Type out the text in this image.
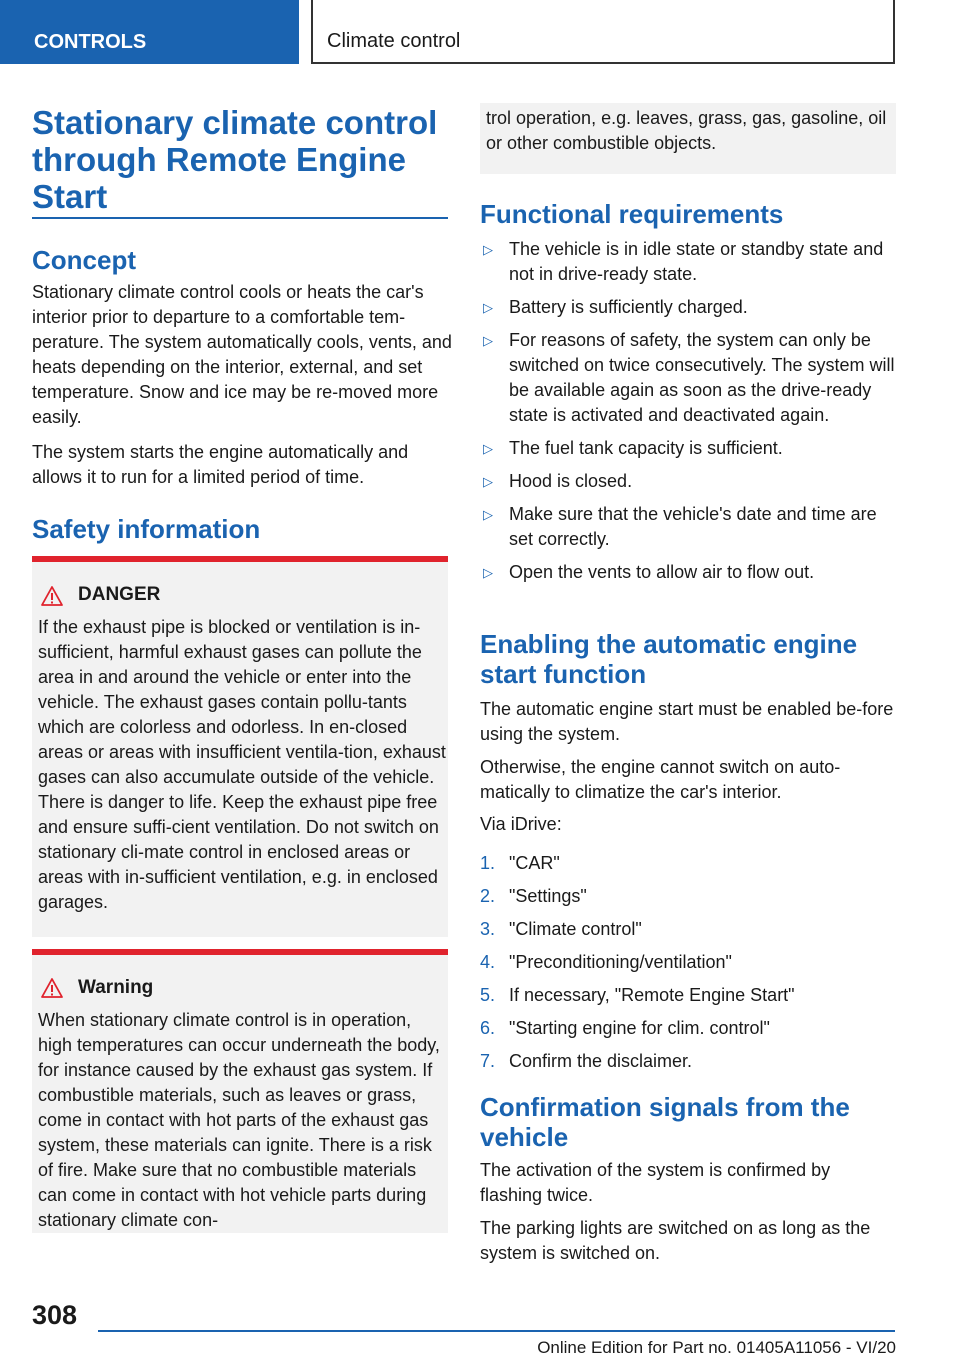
CONTROLS	Climate control
Stationary climate control through Remote Engine Start
Concept

Stationary climate control cools or heats the car's interior prior to departure to a comfortable tem-perature. The system automatically cools, vents, and heats depending on the interior, external, and set temperature. Snow and ice may be re-moved more easily.

The system starts the engine automatically and allows it to run for a limited period of time.

Safety information
DANGER

If the exhaust pipe is blocked or ventilation is in-sufficient, harmful exhaust gases can pollute the area in and around the vehicle or enter into the vehicle. The exhaust gases contain pollu-tants which are colorless and odorless. In en-closed areas or areas with insufficient ventila-tion, exhaust gases can also accumulate outside of the vehicle. There is danger to life. Keep the exhaust pipe free and ensure suffi-cient ventilation. Do not switch on stationary cli-mate control in enclosed areas or areas with in-sufficient ventilation, e.g. in enclosed garages.

Warning

When stationary climate control is in operation, high temperatures can occur underneath the body, for instance caused by the exhaust gas system. If combustible materials, such as leaves or grass, come in contact with hot parts of the exhaust gas system, these materials can ignite. There is a risk of fire. Make sure that no combustible materials can come in contact with hot vehicle parts during stationary climate con-

trol operation, e.g. leaves, grass, gas, gasoline, oil or other combustible objects.

Functional requirements
▷ The vehicle is in idle state or standby state and not in drive-ready state.
▷ Battery is sufficiently charged.
▷ For reasons of safety, the system can only be switched on twice consecutively. The system will be available again as soon as the drive-ready state is activated and deactivated again.
▷ The fuel tank capacity is sufficient.
▷ Hood is closed.
▷ Make sure that the vehicle's date and time are set correctly.
▷ Open the vents to allow air to flow out.
Enabling the automatic engine start function

The automatic engine start must be enabled be-fore using the system.

Otherwise, the engine cannot switch on auto-matically to climatize the car's interior.

Via iDrive:

1. "CAR"
2. "Settings"
3. "Climate control"
4. "Preconditioning/ventilation"
5. If necessary, "Remote Engine Start"
6. "Starting engine for clim. control"
7. Confirm the disclaimer.
Confirmation signals from the vehicle

The activation of the system is confirmed by flashing twice.

The parking lights are switched on as long as the system is switched on.

308
Online Edition for Part no. 01405A11056 - VI/20
